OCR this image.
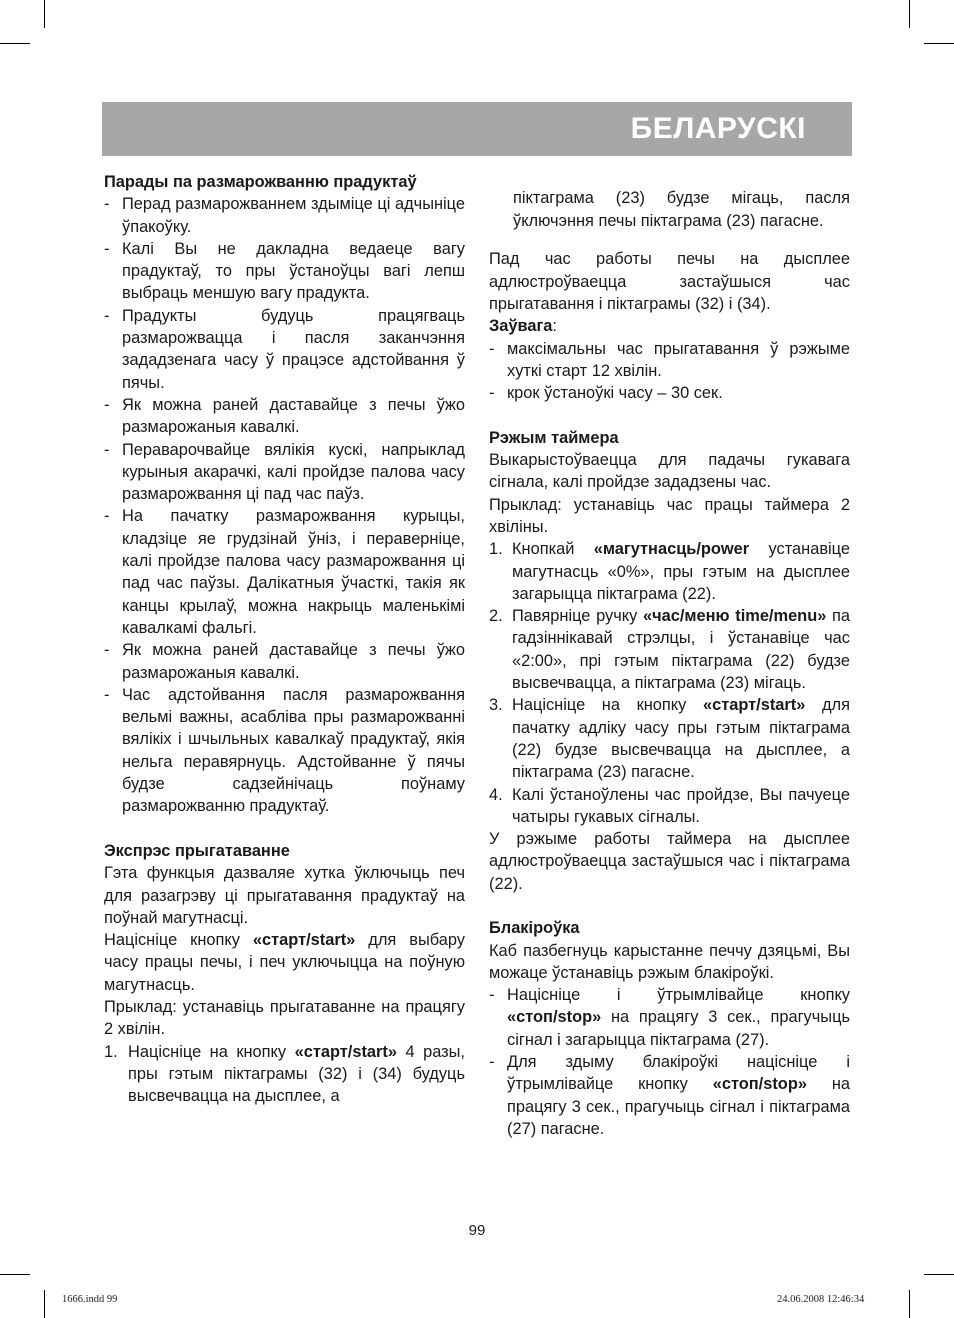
БЕЛАРУСКІ

Парады па размарожванню прадуктаў

- Перад размарожваннем здымiце цi адчынiце ўпакоўку.
- Калi Вы не дакладна ведаеце вагу прадуктаў, то пры ўстаноўцы вагi лепш выбраць меншую вагу прадукта.
- Прадукты будуць працягваць размарожвацца i пасля заканчэння зададзенага часу ў працэсе адстойвання ў пячы.
- Як можна раней даставайце з печы ўжо размарожаныя кавалкi.
- Пераварочвайце вялiкiя кускi, напрыклад курыныя акарачкi, калi пройдзе палова часу размарожвання цi пад час паўз.
- На пачатку размарожвання курыцы, кладзiце яе грудзiнай ўнiз, i пераверніце, калi пройдзе палова часу размарожвання цi пад час паўзы. Далiкатныя ўчасткi, такiя як канцы крылаў, можна накрыць маленькiмi кавалкамi фальгi.
- Як можна раней даставайце з печы ўжо размарожаныя кавалкi.
- Час адстойвання пасля размарожвання вельмi важны, асаблiва пры размарожваннi вялiкiх i шчыльных кавалкаў прадуктаў, якiя нельга перавярнуць. Адстойванне ў пячы будзе садзейнiчаць поўнаму размарожванню прадуктаў.

Экспрэс прыгатаванне

Гэта функцыя дазваляе хутка ўключыць печ для разагрэву цi прыгатавання прадуктаў на поўнай магутнасцi.

Нацiснiце кнопку «старт/start» для выбару часу працы печы, i печ уключыцца на поўную магутнасць.

Прыклад: устанавiць прыгатаванне на працягу 2 хвiлiн.

1. Нацiснiце на кнопку «старт/start» 4 разы, пры гэтым пiктаграмы (32) i (34) будуць высвечвацца на дысплее, а

пiктаграма (23) будзе мiгаць, пасля ўключэння печы пiктаграма (23) пагасне.

Пад час работы печы на дысплее адлюстроўваецца застаўшыся час прыгатавання i пiктаграмы (32) i (34).

Заўвага:

- максiмальны час прыгатавання ў рэжыме хуткi старт 12 хвiлiн.
- крок ўстаноўкi часу – 30 сек.

Рэжым таймера

Выкарыстоўваецца для падачы гукавага сiгнала, калi пройдзе зададзены час.

Прыклад: устанавiць час працы таймера 2 хвiлiны.

1. Кнопкай «магутнасць/power устанавiце магутнасць «0%», пры гэтым на дысплее загарыцца пiктаграма (22).
2. Павярнiце ручку «час/меню time/menu» па гадзiннiкавай стрэлцы, i ўстанавiце час «2:00», прі гэтым пiктаграма (22) будзе высвечвацца, а пiктаграма (23) мiгаць.
3. Нацiснiце на кнопку «старт/start» для пачатку адлiку часу пры гэтым пiктаграма (22) будзе высвечвацца на дысплее, а пiктаграма (23) пагасне.
4. Калi ўстаноўлены час пройдзе, Вы пачуеце чатыры гукавых сiгналы.

У рэжыме работы таймера на дысплее адлюстроўваецца застаўшыся час i пiктаграма (22).

Блакiроўка

Каб пазбегнуць карыстанне печчу дзяцьмi, Вы можаце ўстанавiць рэжым блакiроўкi.

- Нацiснiце i ўтрымлiвайце кнопку «стоп/stop» на працягу 3 сек., прагучыць сiгнал i загарыцца пiктаграма (27).
- Для здыму блакiроўкi нацiснiце i ўтрымлiвайце кнопку «стоп/stop» на працягу 3 сек., прагучыць сiгнал i пiктаграма (27) пагасне.
99
1666.indd 99	24.06.2008 12:46:34
